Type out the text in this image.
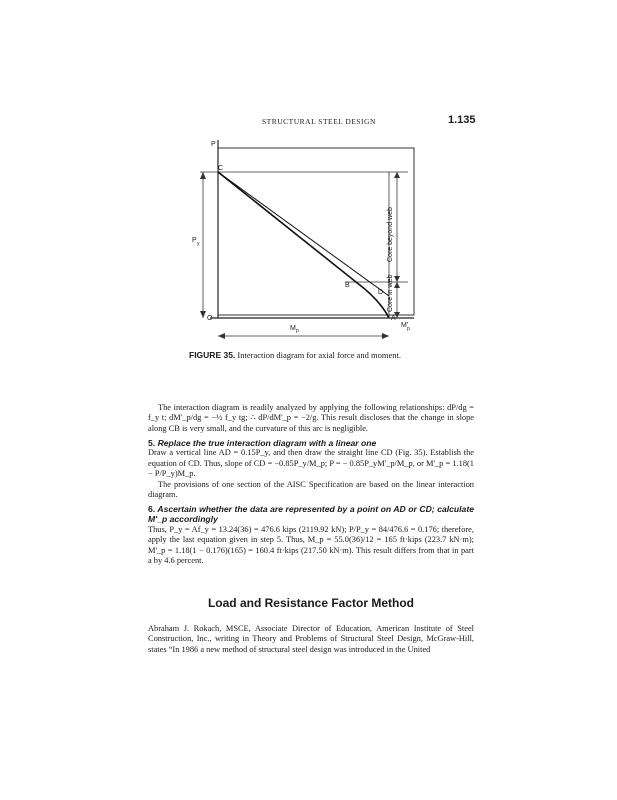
STRUCTURAL STEEL DESIGN	1.135
P
C
P y
B
D
O	A
M p
M'
p
Core beyond web
Core in web
FIGURE 35. Interaction diagram for axial force and moment.

The interaction diagram is readily analyzed by applying the following relationships: dP/dg = f_y t; dM'_p/dg = −½ f_y tg; ∴ dP/dM'_p = −2/g. This result discloses that the change in slope along CB is very small, and the curvature of this arc is negligible.

5. Replace the true interaction diagram with a linear one
Draw a vertical line AD = 0.15P_y, and then draw the straight line CD (Fig. 35). Establish the equation of CD. Thus, slope of CD = −0.85P_y/M_p; P = − 0.85P_yM'_p/M_p, or M'_p = 1.18(1 − P/P_y)M_p.

The provisions of one section of the AISC Specification are based on the linear interaction diagram.

6. Ascertain whether the data are represented by a point on AD or CD; calculate M'_p accordingly
Thus, P_y = Af_y = 13.24(36) = 476.6 kips (2119.92 kN); P/P_y = 84/476.6 = 0.176; therefore, apply the last equation given in step 5. Thus, M_p = 55.0(36)/12 = 165 ft·kips (223.7 kN·m); M'_p = 1.18(1 − 0.176)(165) = 160.4 ft·kips (217.50 kN·m). This result differs from that in part a by 4.6 percent.
Load and Resistance Factor Method
Abraham J. Rokach, MSCE, Associate Director of Education, American Institute of Steel Construction, Inc., writing in Theory and Problems of Structural Steel Design, McGraw-Hill, states “In 1986 a new method of structural steel design was introduced in the United
